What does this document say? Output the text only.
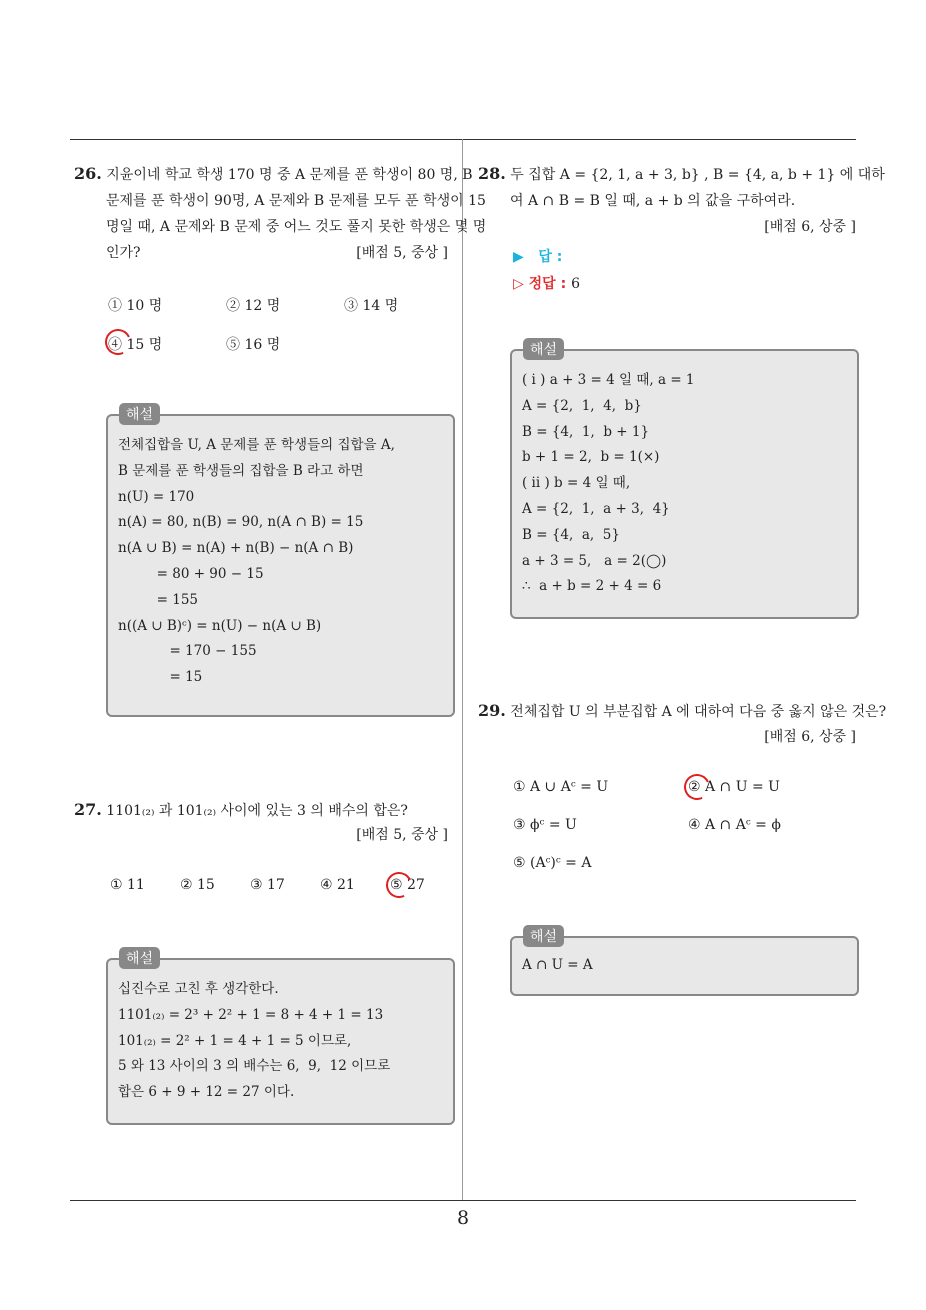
8
26. 지윤이네 학교 학생 170 명 중 A 문제를 푼 학생이 80 명, B 문제를 푼 학생이 90명, A 문제와 B 문제를 모두 푼 학생이 15 명일 때, A 문제와 B 문제 중 어느 것도 풀지 못한 학생은 몇 명인가?	[배점 5, 중상 ]
① 10 명	② 12 명	③ 14 명
④ 15 명	⑤ 16 명
해설
전체집합을 U, A 문제를 푼 학생들의 집합을 A,
B 문제를 푼 학생들의 집합을 B 라고 하면
n(U) = 170
n(A) = 80, n(B) = 90, n(A ∩ B) = 15
n(A ∪ B) = n(A) + n(B) − n(A ∩ B)
= 80 + 90 − 15
= 155
n((A ∪ B)ᶜ) = n(U) − n(A ∪ B)
= 170 − 155
= 15
27. 1101₍₂₎ 과 101₍₂₎ 사이에 있는 3 의 배수의 합은?
[배점 5, 중상 ]
① 11	② 15	③ 17	④ 21	⑤ 27
해설
십진수로 고친 후 생각한다.
1101₍₂₎ = 2³ + 2² + 1 = 8 + 4 + 1 = 13
101₍₂₎ = 2² + 1 = 4 + 1 = 5 이므로,
5 와 13 사이의 3 의 배수는 6,  9,  12 이므로
합은 6 + 9 + 12 = 27 이다.
28. 두 집합 A = {2, 1, a + 3, b} , B = {4, a, b + 1} 에 대하여 A ∩ B = B 일 때, a + b 의 값을 구하여라.
[배점 6, 상중 ]
▶ 답 :
▷ 정답 : 6
해설
( i ) a + 3 = 4 일 때, a = 1
A = {2,  1,  4,  b}
B = {4,  1,  b + 1}
b + 1 = 2,  b = 1(×)
( ii ) b = 4 일 때,
A = {2,  1,  a + 3,  4}
B = {4,  a,  5}
a + 3 = 5,   a = 2(◯)
∴  a + b = 2 + 4 = 6
29. 전체집합 U 의 부분집합 A 에 대하여 다음 중 옳지 않은 것은?
[배점 6, 상중 ]
① A ∪ Aᶜ = U	② A ∩ U = U
③ ϕᶜ = U	④ A ∩ Aᶜ = ϕ
⑤ (Aᶜ)ᶜ = A
해설
A ∩ U = A
